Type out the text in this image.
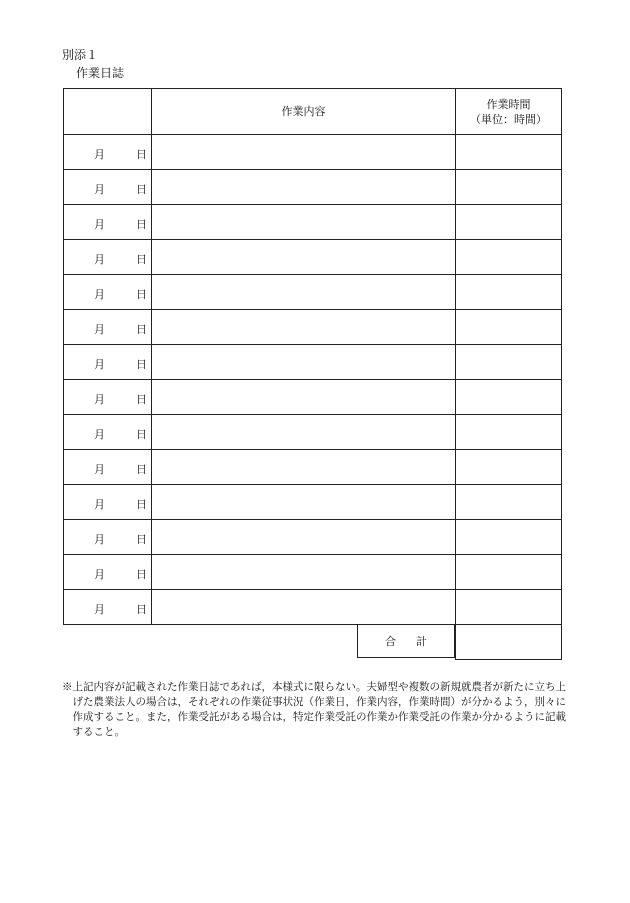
別添１
作業日誌
	作業内容	作業時間
（単位：時間）

月 日		

月 日		

月 日		

月 日		

月 日		

月 日		

月 日		

月 日		

月 日		

月 日		

月 日		

月 日		

月 日		

月 日		

合計	

※上記内容が記載された作業日誌であれば，本様式に限らない。夫婦型や複数の新規就農者が新たに立ち上げた農業法人の場合は，それぞれの作業従事状況（作業日，作業内容，作業時間）が分かるよう，別々に作成すること。また，作業受託がある場合は，特定作業受託の作業か作業受託の作業か分かるように記載すること。
